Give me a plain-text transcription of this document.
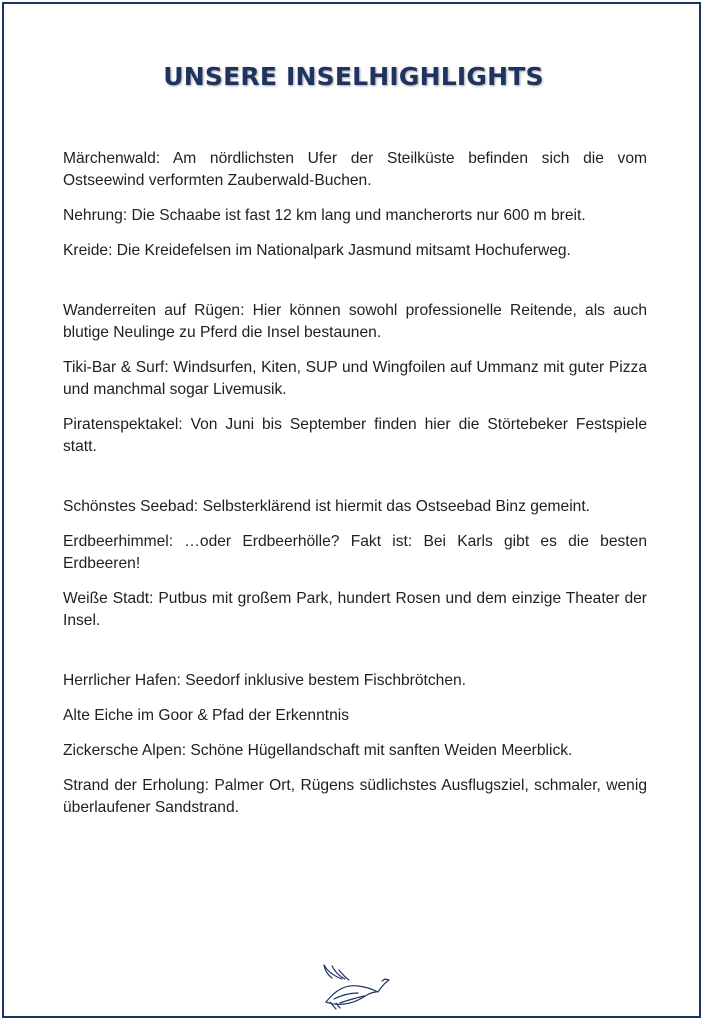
UNSERE INSELHIGHLIGHTS

Märchenwald: Am nördlichsten Ufer der Steilküste befinden sich die vom Ostseewind verformten Zauberwald-Buchen.

Nehrung: Die Schaabe ist fast 12 km lang und mancherorts nur 600 m breit.

Kreide: Die Kreidefelsen im Nationalpark Jasmund mitsamt Hochuferweg.

Wanderreiten auf Rügen: Hier können sowohl professionelle Reitende, als auch blutige Neulinge zu Pferd die Insel bestaunen.

Tiki-Bar & Surf: Windsurfen, Kiten, SUP und Wingfoilen auf Ummanz mit guter Pizza und manchmal sogar Livemusik.

Piratenspektakel: Von Juni bis September finden hier die Störtebeker Festspiele statt.

Schönstes Seebad: Selbsterklärend ist hiermit das Ostseebad Binz gemeint.

Erdbeerhimmel: …oder Erdbeerhölle? Fakt ist: Bei Karls gibt es die besten Erdbeeren!

Weiße Stadt: Putbus mit großem Park, hundert Rosen und dem einzige Theater der Insel.

Herrlicher Hafen: Seedorf inklusive bestem Fischbrötchen.

Alte Eiche im Goor & Pfad der Erkenntnis

Zickersche Alpen: Schöne Hügellandschaft mit sanften Weiden Meerblick.

Strand der Erholung: Palmer Ort, Rügens südlichstes Ausflugsziel, schmaler, wenig überlaufener Sandstrand.
